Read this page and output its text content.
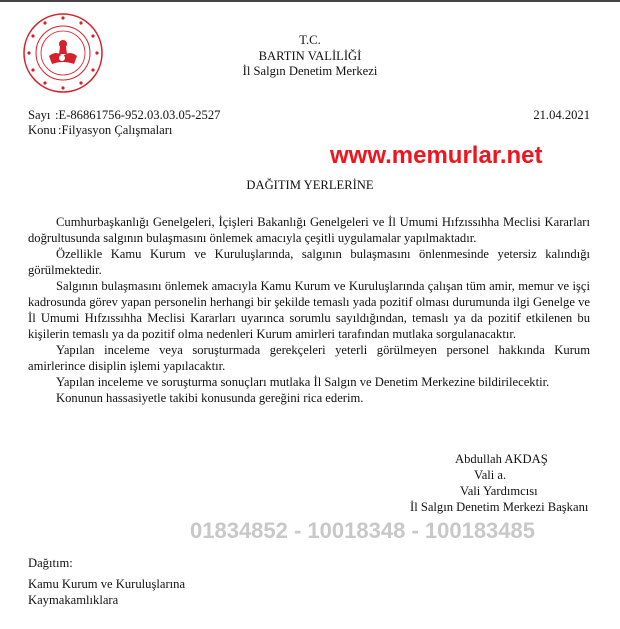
T.C.
BARTIN VALİLİĞİ
İl Salgın Denetim Merkezi
Sayı :E-86861756-952.03.03.05-2527
Konu :Filyasyon Çalışmaları
21.04.2021
www.memurlar.net
DAĞITIM YERLERİNE

Cumhurbaşkanlığı Genelgeleri, İçişleri Bakanlığı Genelgeleri ve İl Umumi Hıfzıssıhha Meclisi Kararları doğrultusunda salgının bulaşmasını önlemek amacıyla çeşitli uygulamalar yapılmaktadır.

Özellikle Kamu Kurum ve Kuruluşlarında, salgının bulaşmasını önlenmesinde yetersiz kalındığı görülmektedir.

Salgının bulaşmasını önlemek amacıyla Kamu Kurum ve Kuruluşlarında çalışan tüm amir, memur ve işçi kadrosunda görev yapan personelin herhangi bir şekilde temaslı yada pozitif olması durumunda ilgi Genelge ve İl Umumi Hıfzıssıhha Meclisi Kararları uyarınca sorumlu sayıldığından, temaslı ya da pozitif etkilenen bu kişilerin temaslı ya da pozitif olma nedenleri Kurum amirleri tarafından mutlaka sorgulanacaktır.

Yapılan inceleme veya soruşturmada gerekçeleri yeterli görülmeyen personel hakkında Kurum amirlerince disiplin işlemi yapılacaktır.

Yapılan inceleme ve soruşturma sonuçları mutlaka İl Salgın ve Denetim Merkezine bildirilecektir.

Konunun hassasiyetle takibi konusunda gereğini rica ederim.

Abdullah AKDAŞ
Vali a.
Vali Yardımcısı
İl Salgın Denetim Merkezi Başkanı
01834852 - 10018348 - 100183485
Dağıtım:
Kamu Kurum ve Kuruluşlarına
Kaymakamlıklara
